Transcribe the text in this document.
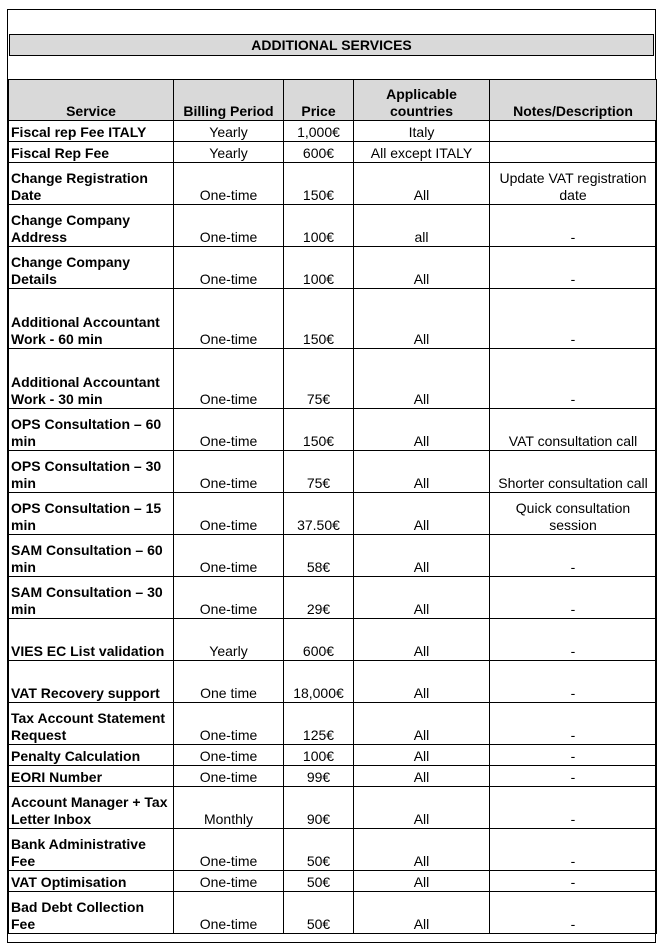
ADDITIONAL SERVICES
Service	Billing Period	Price	Applicable countries	Notes/Description
Fiscal rep Fee ITALY	Yearly	1,000€	Italy	
Fiscal Rep Fee	Yearly	600€	All except ITALY	
Change Registration Date	One-time	150€	All	Update VAT registration date
Change Company Address	One-time	100€	all	-
Change Company Details	One-time	100€	All	-
Additional Accountant Work - 60 min	One-time	150€	All	-
Additional Accountant Work - 30 min	One-time	75€	All	-
OPS Consultation – 60 min	One-time	150€	All	VAT consultation call
OPS Consultation – 30 min	One-time	75€	All	Shorter consultation call
OPS Consultation – 15 min	One-time	37.50€	All	Quick consultation session
SAM Consultation – 60 min	One-time	58€	All	-
SAM Consultation – 30 min	One-time	29€	All	-
VIES EC List validation	Yearly	600€	All	-
VAT Recovery support	One time	18,000€	All	-
Tax Account Statement Request	One-time	125€	All	-
Penalty Calculation	One-time	100€	All	-
EORI Number	One-time	99€	All	-
Account Manager + Tax Letter Inbox	Monthly	90€	All	-
Bank Administrative Fee	One-time	50€	All	-
VAT Optimisation	One-time	50€	All	-
Bad Debt Collection Fee	One-time	50€	All	-
